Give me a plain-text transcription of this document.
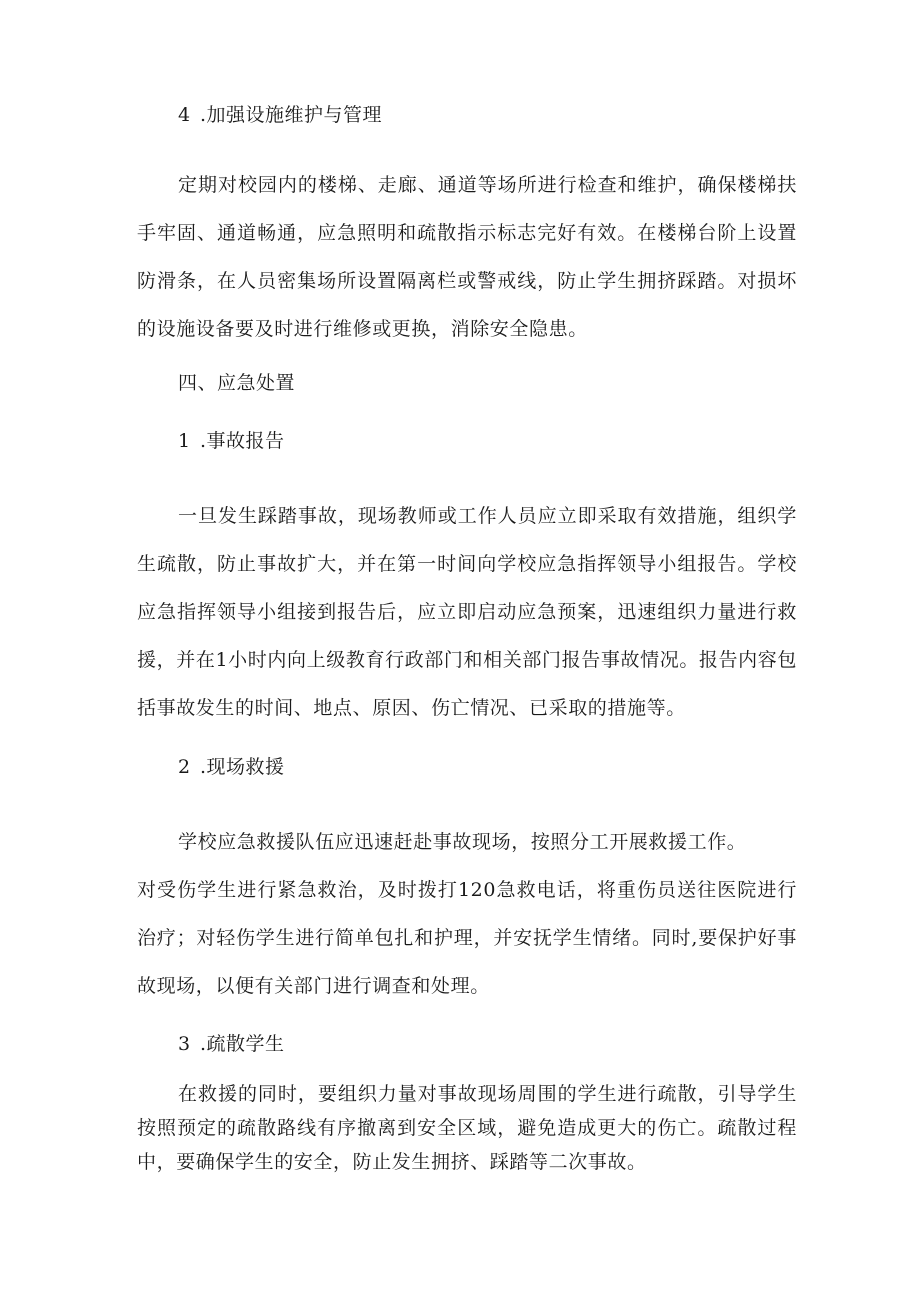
4 .加强设施维护与管理
定期对校园内的楼梯、走廊、通道等场所进行检查和维护，确保楼梯扶手牢固、通道畅通，应急照明和疏散指示标志完好有效。在楼梯台阶上设置防滑条，在人员密集场所设置隔离栏或警戒线，防止学生拥挤踩踏。对损坏的设施设备要及时进行维修或更换，消除安全隐患。
四、应急处置
1 .事故报告
一旦发生踩踏事故，现场教师或工作人员应立即采取有效措施，组织学生疏散，防止事故扩大，并在第一时间向学校应急指挥领导小组报告。学校应急指挥领导小组接到报告后，应立即启动应急预案，迅速组织力量进行救援，并在1小时内向上级教育行政部门和相关部门报告事故情况。报告内容包括事故发生的时间、地点、原因、伤亡情况、已采取的措施等。
2 .现场救援
学校应急救援队伍应迅速赶赴事故现场，按照分工开展救援工作。
对受伤学生进行紧急救治，及时拨打120急救电话，将重伤员送往医院进行治疗；对轻伤学生进行简单包扎和护理，并安抚学生情绪。同时,要保护好事故现场，以便有关部门进行调查和处理。
3 .疏散学生
在救援的同时，要组织力量对事故现场周围的学生进行疏散，引导学生按照预定的疏散路线有序撤离到安全区域，避免造成更大的伤亡。疏散过程中，要确保学生的安全，防止发生拥挤、踩踏等二次事故。
